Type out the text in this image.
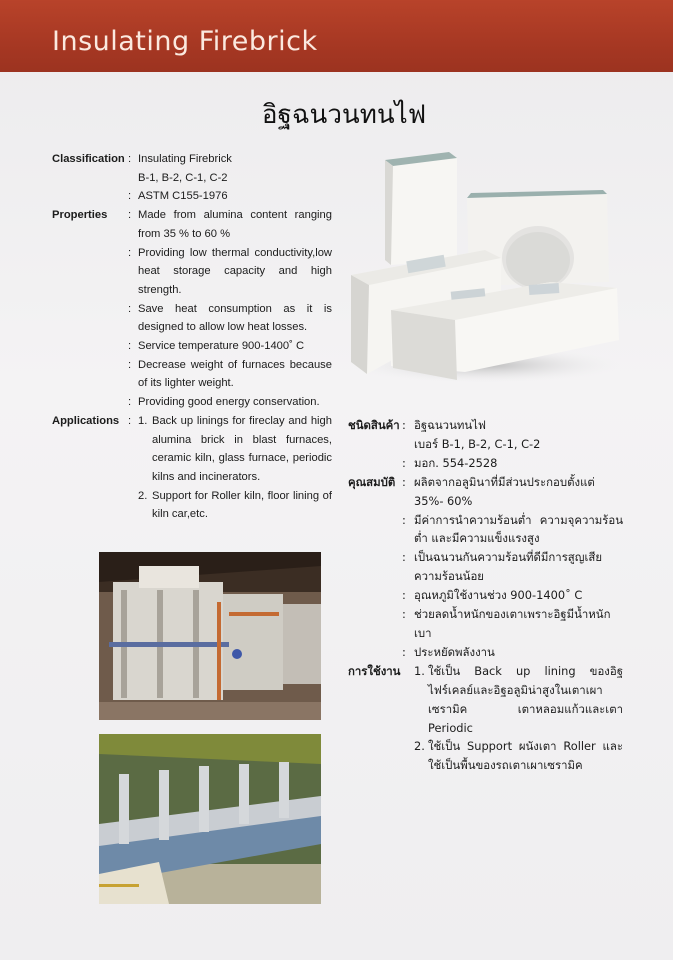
Insulating Firebrick
อิฐฉนวนทนไฟ
Classification : Insulating Firebrick
B-1, B-2, C-1, C-2
: ASTM C155-1976
Properties	: Made from alumina content ranging from 35 % to 60 %
: Providing low thermal conductivity,low heat storage capacity and high strength.
: Save heat consumption as it is designed to allow low heat losses.
: Service temperature 900-1400˚ C
: Decrease weight of furnaces because of its lighter weight.
: Providing good energy conservation.
Applications : 1. Back up linings for fireclay and high alumina brick in blast furnaces, ceramic kiln, glass furnace, periodic kilns and incinerators.
2. Support for Roller kiln, floor lining of kiln car,etc.
ชนิดสินค้า : อิฐฉนวนทนไฟ
เบอร์ B-1, B-2, C-1, C-2
: มอก. 554-2528
คุณสมบัติ : ผลิตจากอลูมินาที่มีส่วนประกอบตั้งแต่ 35%- 60%
: มีค่าการนำความร้อนต่ำ ความจุความร้อนต่ำ และมีความแข็งแรงสูง
: เป็นฉนวนกันความร้อนที่ดีมีการสูญเสียความร้อนน้อย
: อุณหภูมิใช้งานช่วง 900-1400˚ C
: ช่วยลดน้ำหนักของเตาเพราะอิฐมีน้ำหนักเบา
: ประหยัดพลังงาน
การใช้งาน 1. ใช้เป็น Back up lining ของอิฐไฟร์เคลย์และอิฐอลูมิน่าสูงในเตาเผาเซรามิค เตาหลอมแก้วและเตา Periodic
2. ใช้เป็น Support ผนังเตา Roller และใช้เป็นพื้นของรถเตาเผาเซรามิค
